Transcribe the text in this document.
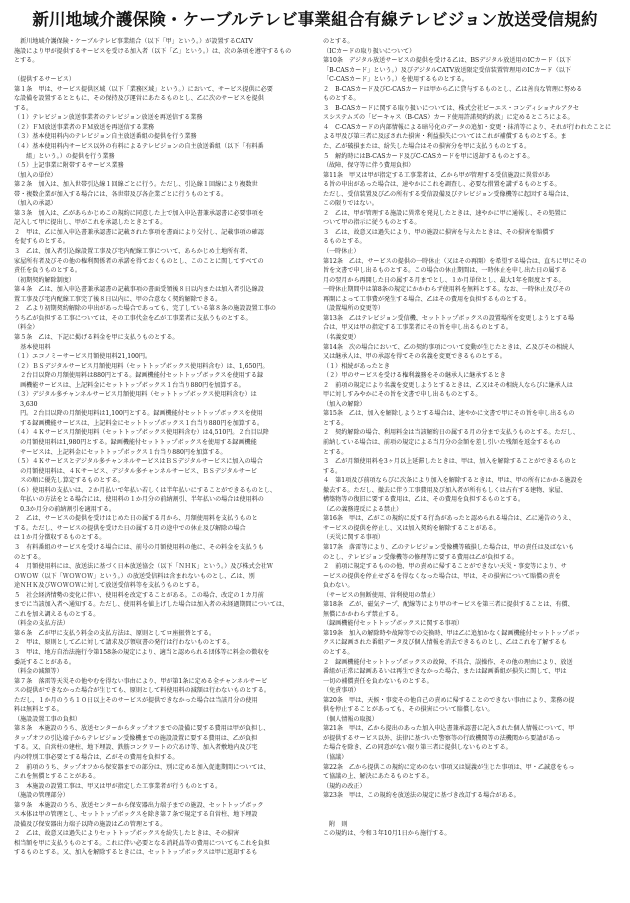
新川地域介護保険・ケーブルテレビ事業組合有線テレビジョン放送受信規約
　新川地域介護保険・ケーブルテレビ事業組合（以下「甲」という。）が設置するCATV
施設により甲が提供するサービスを受ける加入者（以下「乙」という。）は、次の条項を遵守するもの
とする。
（提供するサービス）
第１条　甲は、サービス提供区域（以下「業務区域」という。）において、サービス提供に必要
な設備を設置するとともに、その保持及び運営にあたるものとし、乙に次のサービスを提供
する。
（１）テレビジョン放送事業者のテレビジョン放送を再送信する業務
（２）ＦＭ放送事業者のＦＭ放送を再送信する業務
（３）基本使用料内のテレビジョン自主放送番組の提供を行う業務
（４）基本使用料内サービス以外の有料によるテレビジョンの自主放送番組（以下「有料番
　　組」という。）の提供を行う業務
（５）上記事業に附帯するサービス業務
（加入の単位）
第２条　加入は、加入世帯引込線１回線ごとに行う。ただし、引込線１回線により複数世
帯・複数企業が加入する場合には、各世帯及び各企業ごとに行うものとする。
（加入の承認）
第３条　加入は、乙があらかじめこの規約に同意した上で加入申込書兼承認書に必要事項を
記入して甲に提出し、甲がこれを承認したときとする。
２　甲は、乙に加入申込書兼承認書に記載された事項を書面により交付し、記載事項の確認
を促すものとする。
３　乙は、加入者引込線設置工事及び宅内配線工事について、あらかじめ土地所有者、
家屋所有者及びその他の権利関係者の承諾を得ておくものとし、このことに関してすべての
責任を負うものとする。
（初期契約解除制度）
第４条　乙は、加入申込書兼承認書の記載事項の書面受領後８日以内または加入者引込線設
置工事及び宅内配線工事完了後８日以内に、甲の合意なく契約解除できる。
２　乙より初期契約解除の申出があった場合であっても、完了している第８条の施設設置工事の
うち乙が負担する工事については、その工事代金を乙が工事業者に支払うものとする。
（料金）
第５条　乙は、下記に掲げる料金を甲に支払うものとする。
　基本使用料
（１）エコノミーサービス月額使用料21,100円。
（２）ＢＳデジタルサービス月額使用料（セットトップボックス使用料含む）は、1,650円。
　２台目以降の月額使用料は880円とする。録画機能付セットトップボックスを使用する録
　画機能サービスは、上記料金にセットトップボックス１台当り880円を加算する。
（３）デジタル多チャンネルサービス月額使用料（セットトップボックス使用料含む）は
　3,630
　円。２台目以降の月額使用料は1,100円とする。録画機能付セットトップボックスを使用
　する録画機能サービスは、上記料金にセットトップボックス１台当り880円を加算する。
（４）４Ｋサービス月額使用料（セットトップボックス使用料含む）は4,510円。２台目以降
　の月額使用料は1,980円とする。録画機能付セットトップボックスを使用する録画機能
　サービスは、上記料金にセットトップボックス１台当り880円を加算する。
（５）４Ｋサービスとデジタル多チャンネルサービスはＢＳデジタルサービスに加入の場合
　の月額使用料は、４Ｋサービス、デジタル多チャンネルサービス、ＢＳデジタルサービ
　スの順に優先し算定するものとする。
（６）使用料の支払いは、２か月払いで年払い若しくは半年払いにすることができるものとし、
　年払いの方法をとる場合には、使用料の１か月分の前納割引、半年払いの場合は使用料の
　0.3か月分の前納割引を適用する。
２　乙は、サービスの提供を受けはじめた日の属する月から、月額使用料を支払うものと
する。ただし、サービスの提供を受けた日の属する月の途中での休止及び解除の場合
は１か月分徴収するものとする。
３　有料番組のサービスを受ける場合には、前号の月額使用料の他に、その料金を支払うも
のとする。
４　月額使用料には、放送法に基づく日本放送協会（以下「ＮＨＫ」という。）及び株式会社Ｗ
ＯＷＯＷ（以下「ＷＯＷＯＷ」という。）の放送受信料は含まれないものとし、乙は、別
途ＮＨＫ及びＷＯＷＯＷに対して放送受信料等を支払うものとする。
５　社会経済情勢の変化に伴い、使用料を改定することがある。この場合、改定の１カ月前
までに当該加入者へ通知する。ただし、使用料を値上げした場合は加入者の未経過期間については、
これを加え調えるものとする。
（料金の支払方法）
第６条　乙が甲に支払う料金の支払方法は、原則としてロ座振替とする。
２　甲は、原則として乙に対して請求及び領収書の発行は行わないものとする。
３　甲は、地方自治法施行令第158条の規定により、適当と認められる団体等に料金の徴収を
委託することがある。
（料金の減額等）
第７条　落雷等天災その他やむを得ない事由により、甲が第1条に定める全チャンネルサービ
スの提供ができなかった場合が生じても、原則として料使用料の減額は行わないものとする。
ただし、１か月のうち１０日以上そのサービスが提供できなかった場合は当該月分の使用
料は無料とする。
（施設設置工事の負担）
第８条　本施設のうち、放送センターからタップオフまでの設備に要する費用は甲が負担し、
タップオフの引込端子からテレビジョン受像機までの施設設置に要する費用は、乙が負担
する。又、自営柱の建柱、地下埋設、鉄筋コンクリートの穴あけ等、加入者敷地内及び宅
内の特別工事必要とする場合は、乙がその費用を負担する。
２　前項のうち、タップオフから保安器までの部分は、別に定める加入促進期間については、
これを無償とすることがある。
３　本施設の設置工事は、甲又は甲が指定した工事業者が行うものとする。
（施設の管理部分）
第９条　本施設のうち、放送センターから保安器出力端子までの施設、セットトップボック
ス本体は甲の管理とし、セットトップボックスを除き第７条で規定する自営柱、地下埋設
設備及び保安器出力端子以降の施設は乙の管理とする。
２　乙は、故意又は過失によりセットトップボックスを紛失したときは、その損害
相当額を甲に支払うものとする。これに伴い必要となる消耗品等の費用についてもこれを負担
するものとする。又、加入を解除するときには、セットトップボックスは甲に返却するも
のとする。
（ICカードの取り扱いについて）
第10条　デジタル放送サービスの提供を受ける乙は、BSデジタル放送用のICカード（以下
「B-CASカード」という。）及びデジタルCATV放送限定受信装置管理用のICカード（以下
「C-CASカード」という。）を使用するものとする。
２　B-CASカード及びC-CASカードは甲から乙に貸与するものとし、乙は善良な管理に努める
ものとする。
３　B-CASカードに関する取り扱いについては、株式会社ビーエス・コンディショナルアクセ
スシステムズの「ビーキャス（B-CAS）カード使用許諾契約約款」に定めるところによる。
４　C-CASカードの内部情報による暗号化のデータの追加・変更・抹消等により、それが行われたことに
よる甲及び第三者に及ぼされた損害・利益損失についてはこれが補償するものとする。ま
た、乙が破損または、紛失した場合はその損害分を甲に支払うものとする。
５　解約時にはB-CASカード及びC-CASカードを甲に返却するものとする。
（故障、保守等に伴う費用負担）
第11条　甲又は甲が指定する工事業者は、乙から甲が管理する受信施設に異常があ
る旨の申出があった場合は、速やかにこれを調査し、必要な措置を講ずるものとする。
ただし、受信装置及び乙の所有する受信設備及びテレビジョン受像機等に起因する場合は、
この限りではない。
２　乙は、甲が管理する施設に異常を発見したときは、速やかに甲に通報し、その処置に
ついて甲の指示に従うものとする。
３　乙は、故意又は過失により、甲の施設に損害を与えたときは、その損害を賠償す
るものとする。
（一時休止）
第12条　乙は、サービスの提供の一時休止（又はその再開）を希望する場合は、直ちに甲にその
旨を文書で申し出るものとする。この場合の休止期間は、一時休止を申し出た日の属する
月の翌月から再開した日の属する月までとし、１か月単位とし、最大1年を限度とする。
一時休止期間中は第8条の規定にかかわらず使用料を無料とする。なお、一時休止及びその
再開によって工事費が発生する場合、乙はその費用を負担するものとする。
（設置場所の変更等）
第13条　乙はテレビジョン受信機、セットトップボックスの設置場所を変更しようとする場
合は、甲又は甲の指定する工事業者にその旨を申し出るものとする。
（名義変更）
第14条　次の場合において、乙の契約事項について変動が生じたときは、乙及びその相続人
又は継承人は、甲の承認を得てその名義を変更できるものとする。
（１）相続があったとき
（２）甲のサービスを受ける権利義務をその継承人に継承するとき
２　前項の規定により名義を変更しようとするときは、乙又はその相続人ならびに継承人は
甲に対しすみやかにその旨を文書で申し出るものとする。
（加入の解除）
第15条　乙は、加入を解除しようとする場合は、速やかに文書で甲にその旨を申し出るもの
とする。
２　契約解除の場合、利用料金は当該解約日の属する月の分まで支払うものとする。ただし、
前納している場合は、前項の規定による当月分の金額を差し引いた残額を返金するもの
とする。
３　乙が月額使用料を3ヶ月以上延滞したときは、甲は、加入を解除することができるものと
する。
４　第1項及び前項ならびに次条により加入を解除するときは、甲は、甲の所有にかかる施設を
撤去する。ただし、撤去に伴う工事費用及び加入者が所有もしくは占有する建物、家屋、
構築物等の復旧に要する費用は、乙は、その費用を負担するものとする。
（乙の義務違反による禁止）
第16条　甲は、乙がこの規約に反する行為があったと認められる場合は、乙に通告のうえ、
サービスの提供を停止し、又は加入契約を解除することがある。
（天災に関する事項）
第17条　落雷等により、乙のテレビジョン受像機等破損した場合は、甲の責任は及ばないも
のとし、テレビジョン受像機等の修理等に要する費用は乙が負担する。
２　前項に規定するものの他、甲の責めに帰することができない天災・事変等により、サ
ービスの提供を停止せざるを得なくなった場合は、甲は、その損害について賠償の責を
負わない。
（サービスの無断使用、営利使用の禁止）
第18条　乙が、磁気テープ、配線等により甲のサービスを第三者に提供することは、有償、
無償にかかわらず禁止する。
（録画機能付セットトップボックスに関する事項）
第19条　加入の解除時や故障等での交換時、甲は乙に追加かなく録画機能付セットトップボッ
クスに録画された番組データ及び個人情報を消去できるものとし、乙はこれを了解するも
のとする。
２　録画機能付セットトップボックスの故障、不具合、誤操作、その他の理由により、放送
番組が正常に録画あるいは再生できなかった場合、または録画番組が損失に関して、甲は
一切の補償責任を負わないものとする。
（免責事項）
第20条　甲は、天候・事変その他自己の責めに帰することのできない事由により、業務の提
供を停止することがあっても、その損害について賠償しない。
（個人情報の取扱）
第21条　甲は、乙から提出のあった加入申込書兼承認書に記入された個人情報について、甲
が提供するサービス以外、法律に基づいた警察等の行政機関等の法機関から要請があっ
た場合を除き、乙の同意がない限り第三者に提供しないものとする。
（協議）
第22条　乙から提供この規約に定めのない事項又は疑義が生じた事項は、甲・乙誠意をもっ
て協議の上、解決にあたるものとする。
（規約の改正）
第23条　甲は、この規約を放送法の規定に基づき改訂する場合がある。
　附　則
この規約は、令和３年10月1日から施行する。
